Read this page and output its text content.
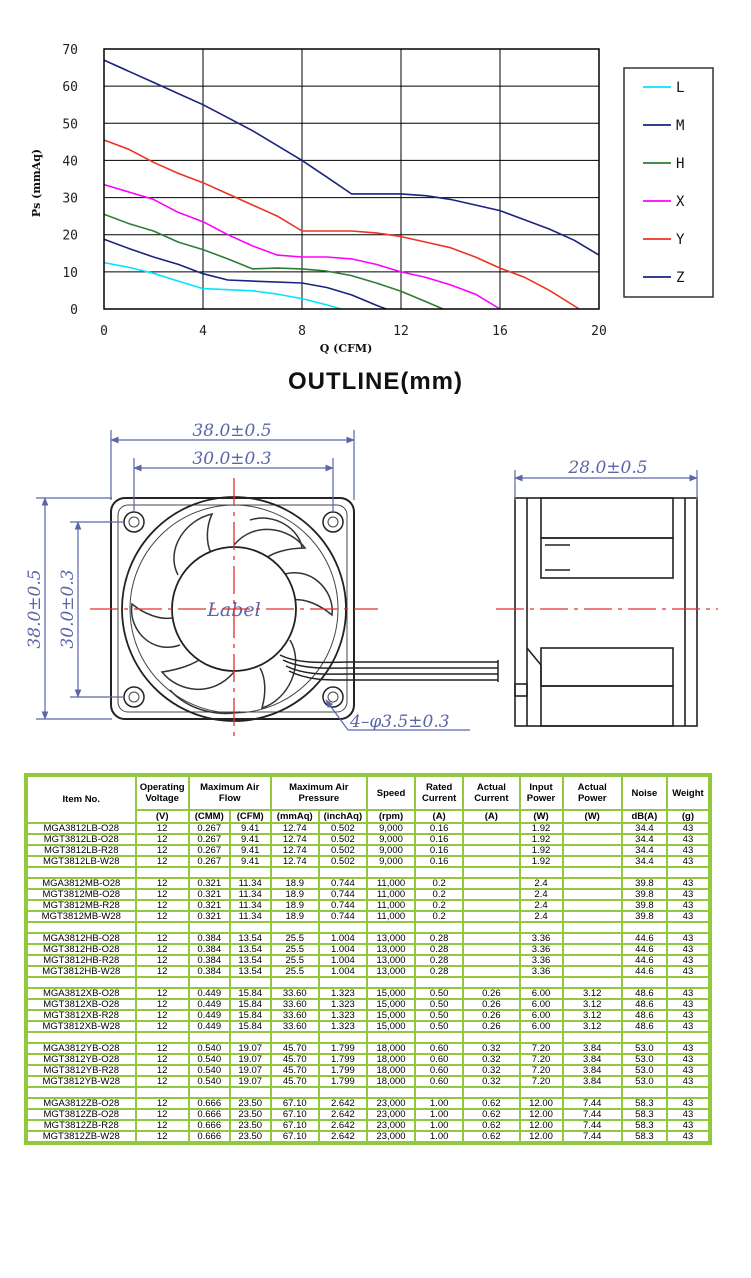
0	4	8	12	16	20
0
10
20
30
40
50
60
70
Q (CFM)
Ps (mmAq)
L
M
H
X
Y
Z
OUTLINE(mm)
Label
38.0±0.5
30.0±0.3
38.0±0.5 30.0±0.3
4–φ3.5±0.3
28.0±0.5
Item No.	Operating Voltage	Maximum Air Flow		Maximum Air Pressure		Speed	Rated Current	Actual Current	Input Power	Actual Power	Noise	Weight
	(V)	(CMM)	(CFM)	(mmAq)	(inchAq)	(rpm)	(A)	(A)	(W)	(W)	dB(A)	(g)
MGA3812LB-O28	12	0.267	9.41	12.74	0.502	9,000	0.16		1.92		34.4	43
MGT3812LB-O28	12	0.267	9.41	12.74	0.502	9,000	0.16		1.92		34.4	43
MGT3812LB-R28	12	0.267	9.41	12.74	0.502	9,000	0.16		1.92		34.4	43
MGT3812LB-W28	12	0.267	9.41	12.74	0.502	9,000	0.16		1.92		34.4	43

MGA3812MB-O28	12	0.321	11.34	18.9	0.744	11,000	0.2		2.4		39.8	43
MGT3812MB-O28	12	0.321	11.34	18.9	0.744	11,000	0.2		2.4		39.8	43
MGT3812MB-R28	12	0.321	11.34	18.9	0.744	11,000	0.2		2.4		39.8	43
MGT3812MB-W28	12	0.321	11.34	18.9	0.744	11,000	0.2		2.4		39.8	43

MGA3812HB-O28	12	0.384	13.54	25.5	1.004	13,000	0.28		3.36		44.6	43
MGT3812HB-O28	12	0.384	13.54	25.5	1.004	13,000	0.28		3.36		44.6	43
MGT3812HB-R28	12	0.384	13.54	25.5	1.004	13,000	0.28		3.36		44.6	43
MGT3812HB-W28	12	0.384	13.54	25.5	1.004	13,000	0.28		3.36		44.6	43

MGA3812XB-O28	12	0.449	15.84	33.60	1.323	15,000	0.50	0.26	6.00	3.12	48.6	43
MGT3812XB-O28	12	0.449	15.84	33.60	1.323	15,000	0.50	0.26	6.00	3.12	48.6	43
MGT3812XB-R28	12	0.449	15.84	33.60	1.323	15,000	0.50	0.26	6.00	3.12	48.6	43
MGT3812XB-W28	12	0.449	15.84	33.60	1.323	15,000	0.50	0.26	6.00	3.12	48.6	43

MGA3812YB-O28	12	0.540	19.07	45.70	1.799	18,000	0.60	0.32	7.20	3.84	53.0	43
MGT3812YB-O28	12	0.540	19.07	45.70	1.799	18,000	0.60	0.32	7.20	3.84	53.0	43
MGT3812YB-R28	12	0.540	19.07	45.70	1.799	18,000	0.60	0.32	7.20	3.84	53.0	43
MGT3812YB-W28	12	0.540	19.07	45.70	1.799	18,000	0.60	0.32	7.20	3.84	53.0	43

MGA3812ZB-O28	12	0.666	23.50	67.10	2.642	23,000	1.00	0.62	12.00	7.44	58.3	43
MGT3812ZB-O28	12	0.666	23.50	67.10	2.642	23,000	1.00	0.62	12.00	7.44	58.3	43
MGT3812ZB-R28	12	0.666	23.50	67.10	2.642	23,000	1.00	0.62	12.00	7.44	58.3	43
MGT3812ZB-W28	12	0.666	23.50	67.10	2.642	23,000	1.00	0.62	12.00	7.44	58.3	43
